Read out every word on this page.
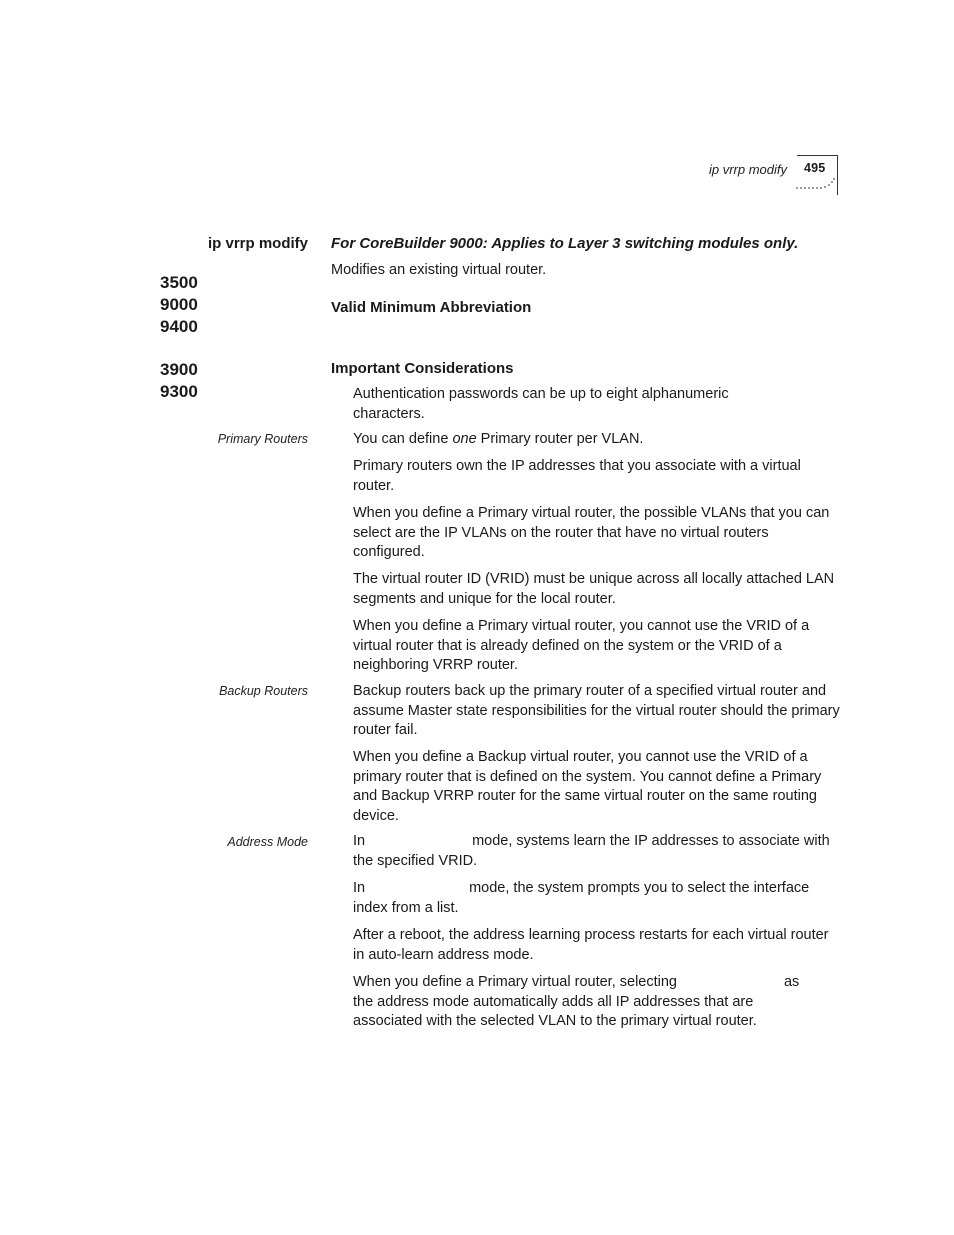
ip vrrp modify 495
ip vrrp modify
3500
9000
9400
3900
9300
Primary Routers
Backup Routers
Address Mode
For CoreBuilder 9000: Applies to Layer 3 switching modules only.
Modifies an existing virtual router.
Valid Minimum Abbreviation
Important Considerations
Authentication passwords can be up to eight alphanumeric characters.
You can define one Primary router per VLAN.
Primary routers own the IP addresses that you associate with a virtual router.
When you define a Primary virtual router, the possible VLANs that you can select are the IP VLANs on the router that have no virtual routers configured.
The virtual router ID (VRID) must be unique across all locally attached LAN segments and unique for the local router.
When you define a Primary virtual router, you cannot use the VRID of a virtual router that is already defined on the system or the VRID of a neighboring VRRP router.
Backup routers back up the primary router of a specified virtual router and assume Master state responsibilities for the virtual router should the primary router fail.
When you define a Backup virtual router, you cannot use the VRID of a primary router that is defined on the system. You cannot define a Primary and Backup VRRP router for the same virtual router on the same routing device.
In	mode, systems learn the IP addresses to associate with the specified VRID.
In	mode, the system prompts you to select the interface index from a list.
After a reboot, the address learning process restarts for each virtual router in auto-learn address mode.
When you define a Primary virtual router, selecting	as the address mode automatically adds all IP addresses that are associated with the selected VLAN to the primary virtual router.
